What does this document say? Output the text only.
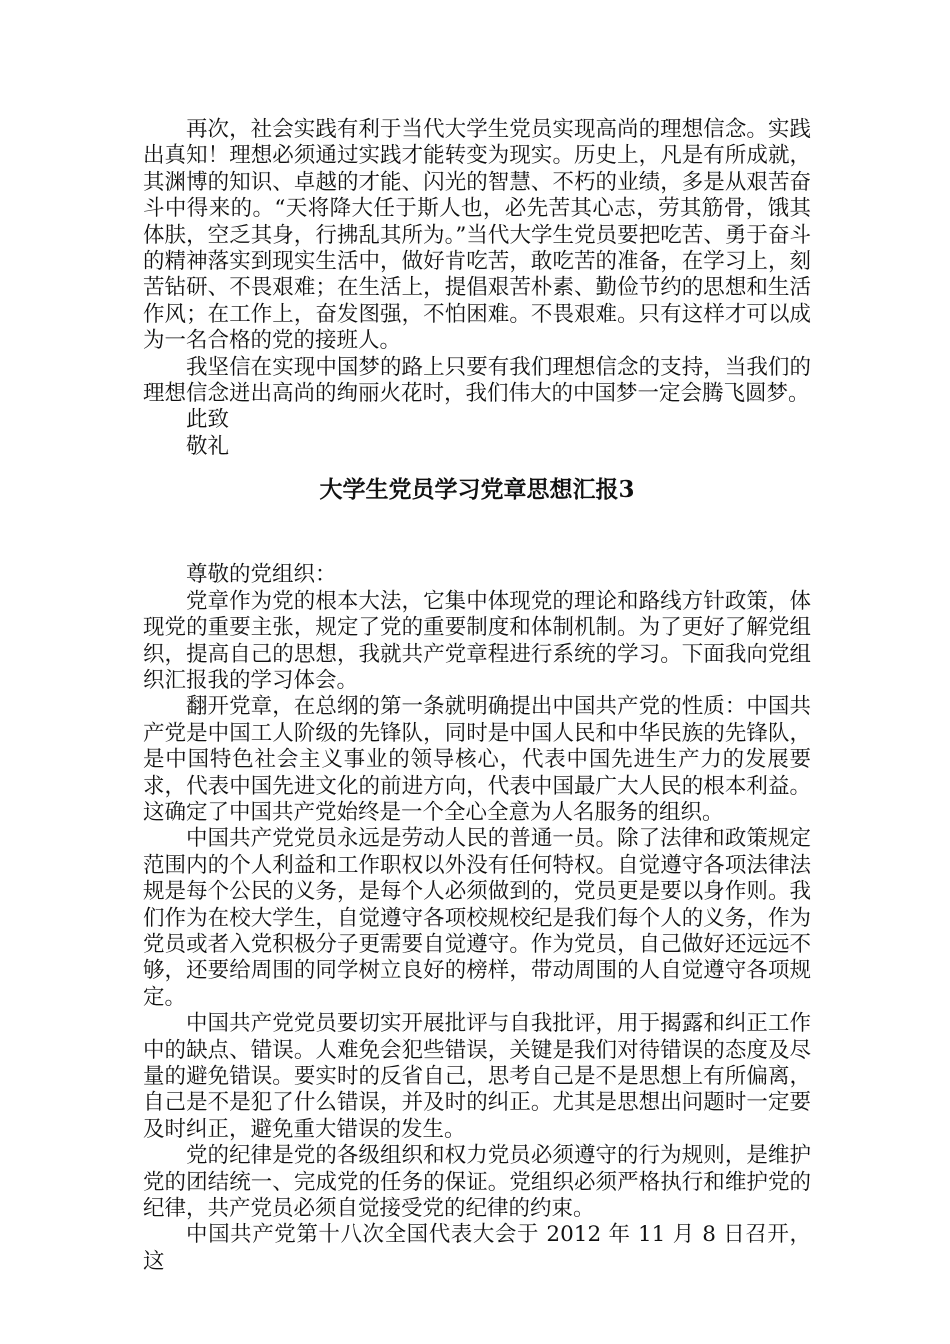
再次，社会实践有利于当代大学生党员实现高尚的理想信念。实践出真知！理想必须通过实践才能转变为现实。历史上，凡是有所成就，其渊博的知识、卓越的才能、闪光的智慧、不朽的业绩，多是从艰苦奋斗中得来的。“天将降大任于斯人也，必先苦其心志，劳其筋骨，饿其体肤，空乏其身，行拂乱其所为。”当代大学生党员要把吃苦、勇于奋斗的精神落实到现实生活中，做好肯吃苦，敢吃苦的准备，在学习上，刻苦钻研、不畏艰难；在生活上，提倡艰苦朴素、勤俭节约的思想和生活作风；在工作上，奋发图强，不怕困难。不畏艰难。只有这样才可以成为一名合格的党的接班人。

我坚信在实现中国梦的路上只要有我们理想信念的支持，当我们的理想信念迸出高尚的绚丽火花时，我们伟大的中国梦一定会腾飞圆梦。

此致

敬礼

大学生党员学习党章思想汇报3

尊敬的党组织：

党章作为党的根本大法，它集中体现党的理论和路线方针政策，体现党的重要主张，规定了党的重要制度和体制机制。为了更好了解党组织，提高自己的思想，我就共产党章程进行系统的学习。下面我向党组织汇报我的学习体会。

翻开党章，在总纲的第一条就明确提出中国共产党的性质：中国共产党是中国工人阶级的先锋队，同时是中国人民和中华民族的先锋队，是中国特色社会主义事业的领导核心，代表中国先进生产力的发展要求，代表中国先进文化的前进方向，代表中国最广大人民的根本利益。这确定了中国共产党始终是一个全心全意为人名服务的组织。

中国共产党党员永远是劳动人民的普通一员。除了法律和政策规定范围内的个人利益和工作职权以外没有任何特权。自觉遵守各项法律法规是每个公民的义务，是每个人必须做到的，党员更是要以身作则。我们作为在校大学生，自觉遵守各项校规校纪是我们每个人的义务，作为党员或者入党积极分子更需要自觉遵守。作为党员，自己做好还远远不够，还要给周围的同学树立良好的榜样，带动周围的人自觉遵守各项规定。

中国共产党党员要切实开展批评与自我批评，用于揭露和纠正工作中的缺点、错误。人难免会犯些错误，关键是我们对待错误的态度及尽量的避免错误。要实时的反省自己，思考自己是不是思想上有所偏离，自己是不是犯了什么错误，并及时的纠正。尤其是思想出问题时一定要及时纠正，避免重大错误的发生。

党的纪律是党的各级组织和权力党员必须遵守的行为规则，是维护党的团结统一、完成党的任务的保证。党组织必须严格执行和维护党的纪律，共产党员必须自觉接受党的纪律的约束。

中国共产党第十八次全国代表大会于 2012 年 11 月 8 日召开，这
